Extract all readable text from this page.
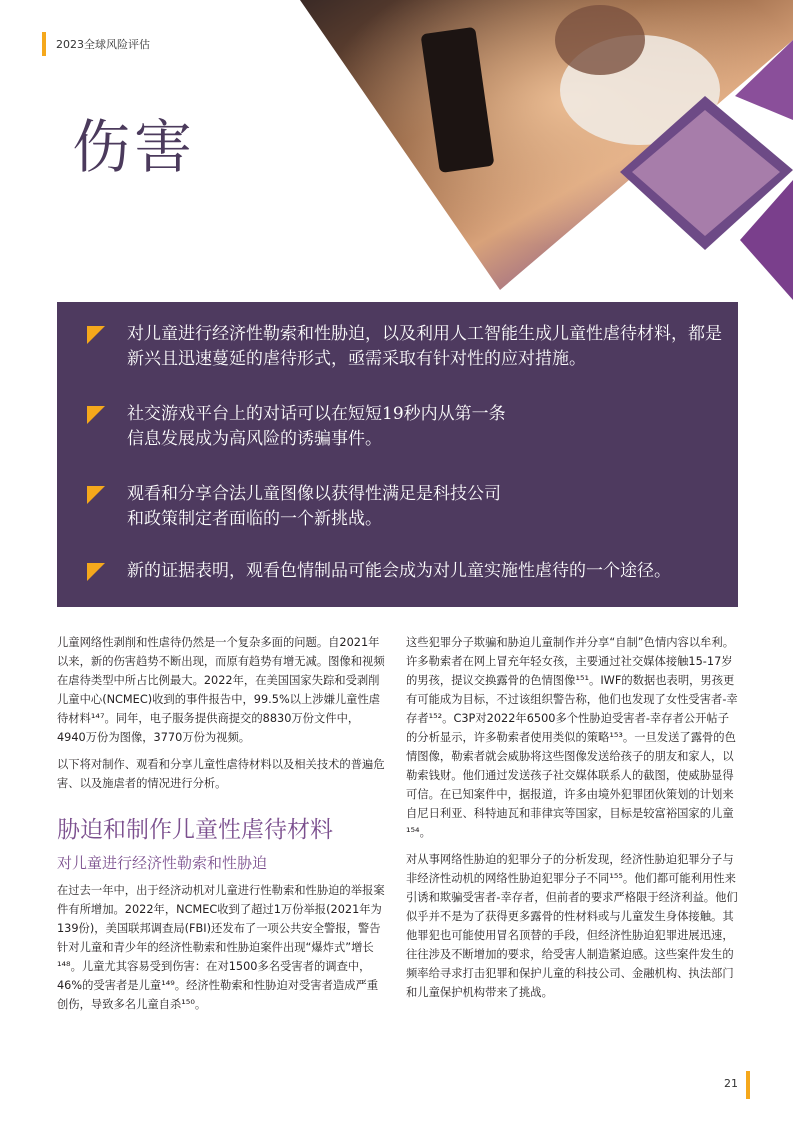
2023全球风险评估
伤害
对儿童进行经济性勒索和性胁迫，以及利用人工智能生成儿童性虐待材料，都是新兴且迅速蔓延的虐待形式，亟需采取有针对性的应对措施。
社交游戏平台上的对话可以在短短19秒内从第一条信息发展成为高风险的诱骗事件。
观看和分享合法儿童图像以获得性满足是科技公司和政策制定者面临的一个新挑战。
新的证据表明，观看色情制品可能会成为对儿童实施性虐待的一个途径。

儿童网络性剥削和性虐待仍然是一个复杂多面的问题。自2021年以来，新的伤害趋势不断出现，而原有趋势有增无减。图像和视频在虐待类型中所占比例最大。2022年，在美国国家失踪和受剥削儿童中心(NCMEC)收到的事件报告中，99.5%以上涉嫌儿童性虐待材料¹⁴⁷。同年，电子服务提供商提交的8830万份文件中，4940万份为图像，3770万份为视频。

以下将对制作、观看和分享儿童性虐待材料以及相关技术的普遍危害、以及施虐者的情况进行分析。

胁迫和制作儿童性虐待材料
对儿童进行经济性勒索和性胁迫

在过去一年中，出于经济动机对儿童进行性勒索和性胁迫的举报案件有所增加。2022年，NCMEC收到了超过1万份举报(2021年为139份)，美国联邦调查局(FBI)还发布了一项公共安全警报，警告针对儿童和青少年的经济性勒索和性胁迫案件出现“爆炸式”增长¹⁴⁸。儿童尤其容易受到伤害：在对1500多名受害者的调查中，46%的受害者是儿童¹⁴⁹。经济性勒索和性胁迫对受害者造成严重创伤，导致多名儿童自杀¹⁵⁰。

这些犯罪分子欺骗和胁迫儿童制作并分享“自制”色情内容以牟利。许多勒索者在网上冒充年轻女孩，主要通过社交媒体接触15-17岁的男孩，提议交换露骨的色情图像¹⁵¹。IWF的数据也表明，男孩更有可能成为目标，不过该组织警告称，他们也发现了女性受害者-幸存者¹⁵²。C3P对2022年6500多个性胁迫受害者-幸存者公开帖子的分析显示，许多勒索者使用类似的策略¹⁵³。一旦发送了露骨的色情图像，勒索者就会威胁将这些图像发送给孩子的朋友和家人，以勒索钱财。他们通过发送孩子社交媒体联系人的截图，使威胁显得可信。在已知案件中，据报道，许多由境外犯罪团伙策划的计划来自尼日利亚、科特迪瓦和菲律宾等国家，目标是较富裕国家的儿童¹⁵⁴。

对从事网络性胁迫的犯罪分子的分析发现，经济性胁迫犯罪分子与非经济性动机的网络性胁迫犯罪分子不同¹⁵⁵。他们都可能利用性来引诱和欺骗受害者-幸存者，但前者的要求严格限于经济利益。他们似乎并不是为了获得更多露骨的性材料或与儿童发生身体接触。其他罪犯也可能使用冒名顶替的手段，但经济性胁迫犯罪进展迅速，往往涉及不断增加的要求，给受害人制造紧迫感。这些案件发生的频率给寻求打击犯罪和保护儿童的科技公司、金融机构、执法部门和儿童保护机构带来了挑战。

21
